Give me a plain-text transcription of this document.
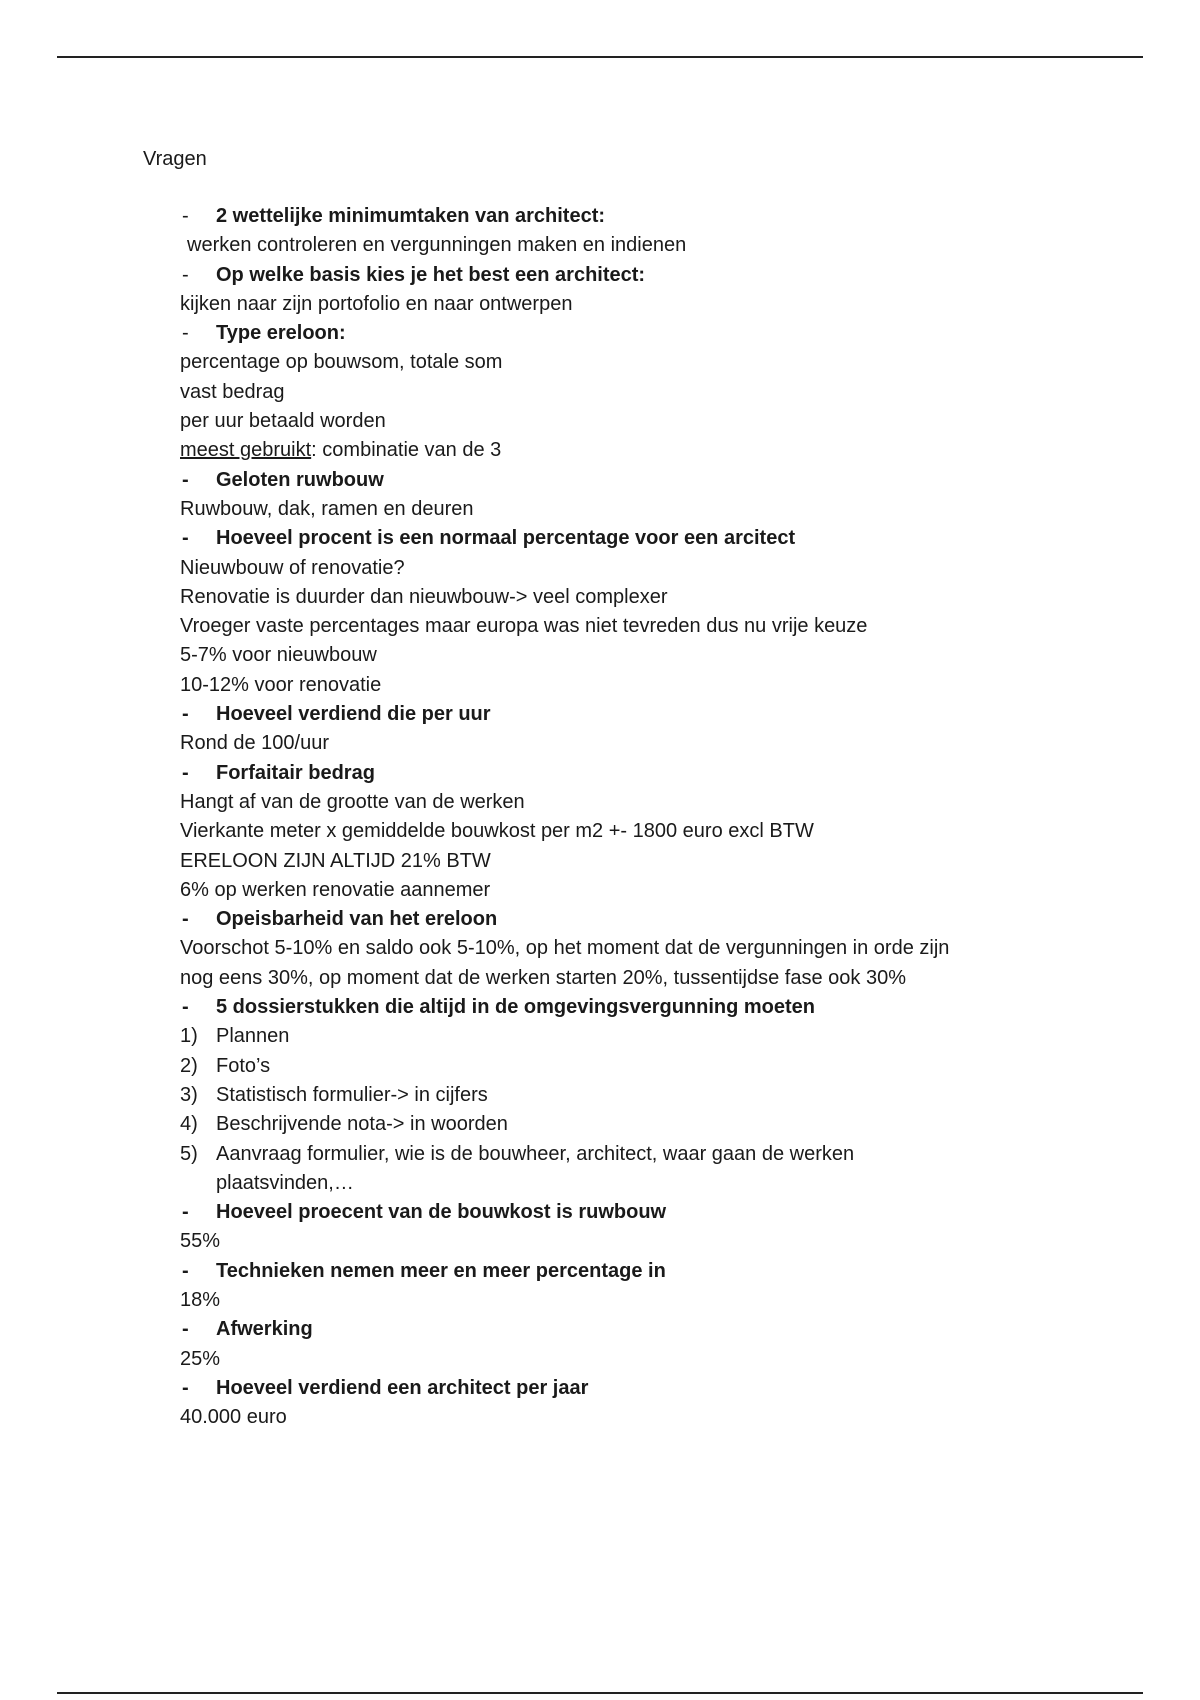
Vragen
- 2 wettelijke minimumtaken van architect:
werken controleren en vergunningen maken en indienen
- Op welke basis kies je het best een architect:
kijken naar zijn portofolio en naar ontwerpen
- Type ereloon:
percentage op bouwsom, totale som
vast bedrag
per uur betaald worden
meest gebruikt: combinatie van de 3
- Geloten ruwbouw
Ruwbouw, dak, ramen en deuren
- Hoeveel procent is een normaal percentage voor een arcitect
Nieuwbouw of renovatie?
Renovatie is duurder dan nieuwbouw-> veel complexer
Vroeger vaste percentages maar europa was niet tevreden dus nu vrije keuze
5-7% voor nieuwbouw
10-12% voor renovatie
- Hoeveel verdiend die per uur
Rond de 100/uur
- Forfaitair bedrag
Hangt af van de grootte van de werken
Vierkante meter x gemiddelde bouwkost per m2 +- 1800 euro excl BTW
ERELOON ZIJN ALTIJD 21% BTW
6% op werken renovatie aannemer
- Opeisbarheid van het ereloon
Voorschot 5-10% en saldo ook 5-10%, op het moment dat de vergunningen in orde zijn
nog eens 30%, op moment dat de werken starten 20%, tussentijdse fase ook 30%
- 5 dossierstukken die altijd in de omgevingsvergunning moeten
1) Plannen
2) Foto’s
3) Statistisch formulier-> in cijfers
4) Beschrijvende nota-> in woorden
5) Aanvraag formulier, wie is de bouwheer, architect, waar gaan de werken
plaatsvinden,…
- Hoeveel proecent van de bouwkost is ruwbouw
55%
- Technieken nemen meer en meer percentage in
18%
- Afwerking
25%
- Hoeveel verdiend een architect per jaar
40.000 euro
